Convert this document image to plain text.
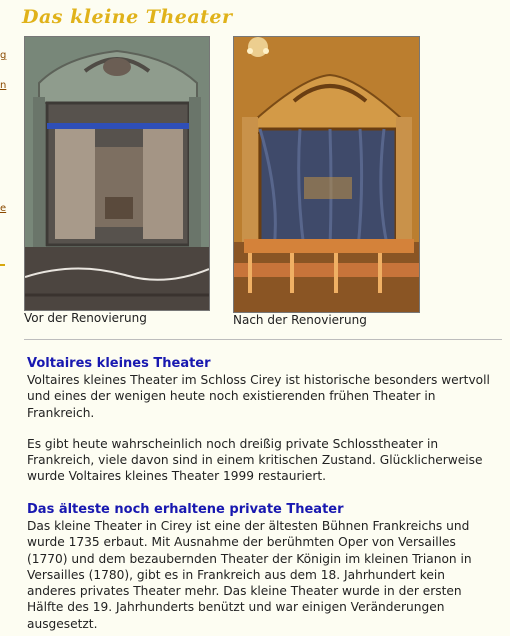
Das kleine Theater
g
n
e
Vor der Renovierung	Nach der Renovierung
Voltaires kleines Theater

Voltaires kleines Theater im Schloss Cirey ist historische besonders wertvoll und eines der wenigen heute noch existierenden frühen Theater in Frankreich.

Es gibt heute wahrscheinlich noch dreißig private Schlosstheater in Frankreich, viele davon sind in einem kritischen Zustand. Glücklicherweise wurde Voltaires kleines Theater 1999 restauriert.

Das älteste noch erhaltene private Theater

Das kleine Theater in Cirey ist eine der ältesten Bühnen Frankreichs und wurde 1735 erbaut. Mit Ausnahme der berühmten Oper von Versailles (1770) und dem bezaubernden Theater der Königin im kleinen Trianon in Versailles (1780), gibt es in Frankreich aus dem 18. Jahrhundert kein anderes privates Theater mehr. Das kleine Theater wurde in der ersten Hälfte des 19. Jahrhunderts benützt und war einigen Veränderungen ausgesetzt.
